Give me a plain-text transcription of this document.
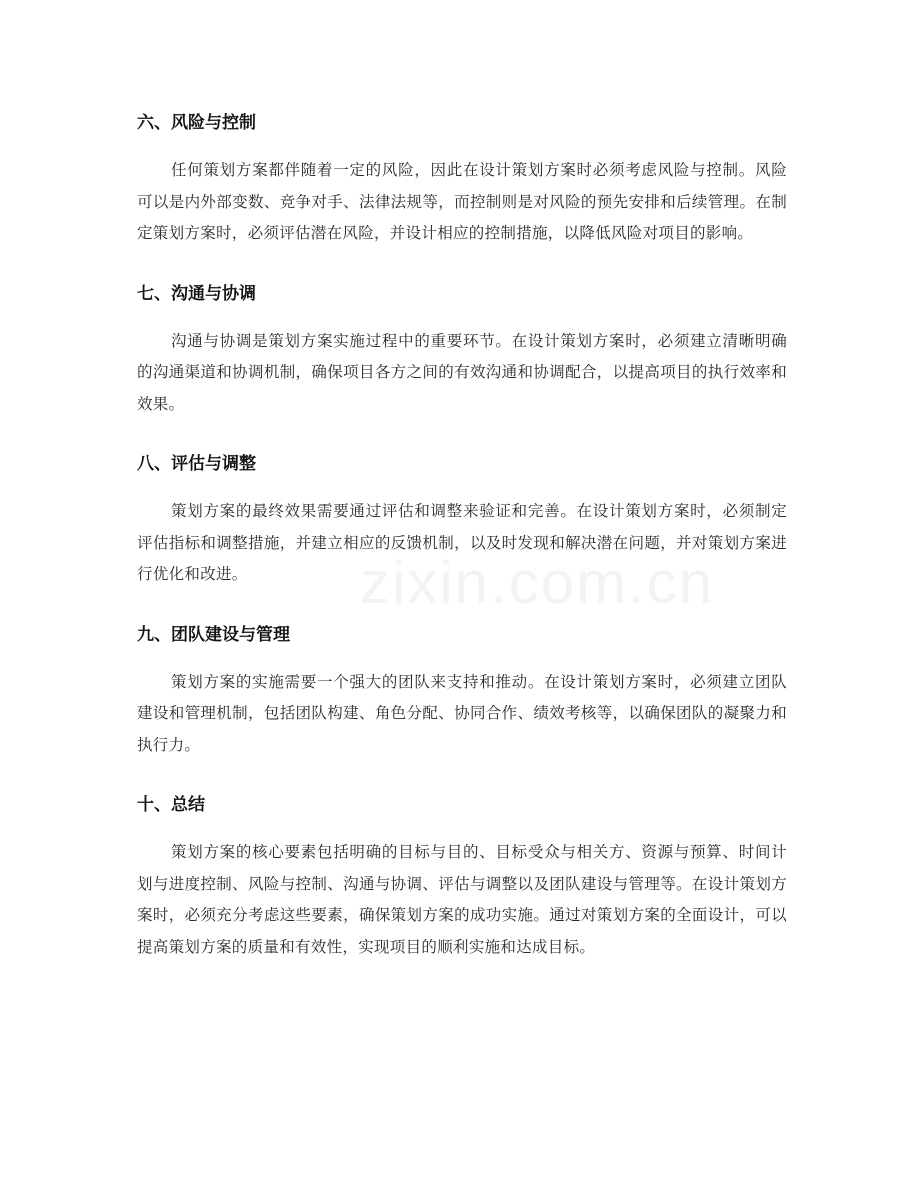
zixin.com.cn
六、风险与控制

任何策划方案都伴随着一定的风险，因此在设计策划方案时必须考虑风险与控制。风险可以是内外部变数、竞争对手、法律法规等，而控制则是对风险的预先安排和后续管理。在制定策划方案时，必须评估潜在风险，并设计相应的控制措施，以降低风险对项目的影响。

七、沟通与协调

沟通与协调是策划方案实施过程中的重要环节。在设计策划方案时，必须建立清晰明确的沟通渠道和协调机制，确保项目各方之间的有效沟通和协调配合，以提高项目的执行效率和效果。

八、评估与调整

策划方案的最终效果需要通过评估和调整来验证和完善。在设计策划方案时，必须制定评估指标和调整措施，并建立相应的反馈机制，以及时发现和解决潜在问题，并对策划方案进行优化和改进。

九、团队建设与管理

策划方案的实施需要一个强大的团队来支持和推动。在设计策划方案时，必须建立团队建设和管理机制，包括团队构建、角色分配、协同合作、绩效考核等，以确保团队的凝聚力和执行力。

十、总结

策划方案的核心要素包括明确的目标与目的、目标受众与相关方、资源与预算、时间计划与进度控制、风险与控制、沟通与协调、评估与调整以及团队建设与管理等。在设计策划方案时，必须充分考虑这些要素，确保策划方案的成功实施。通过对策划方案的全面设计，可以提高策划方案的质量和有效性，实现项目的顺利实施和达成目标。
